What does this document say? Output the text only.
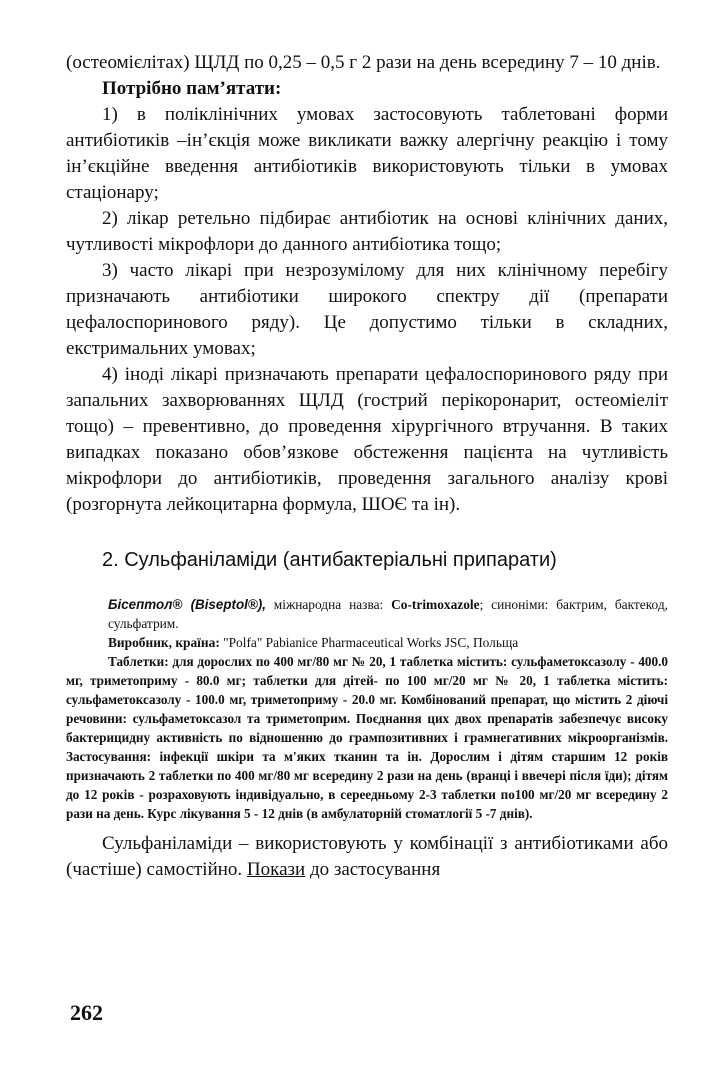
(остеомієлітах) ЩЛД по 0,25 – 0,5 г 2 рази на день всередину 7 – 10 днів.

Потрібно пам’ятати:

1) в поліклінічних умовах застосовують таблетовані форми антибіотиків –ін’єкція може викликати важку алергічну реакцію і тому ін’єкційне введення антибіотиків використовують тільки в умовах стаціонару;

2) лікар ретельно підбирає антибіотик на основі клінічних даних, чутливості мікрофлори до данного антибіотика тощо;

3) часто лікарі при незрозумілому для них клінічному перебігу призначають антибіотики широкого спектру дії (препарати цефалоспоринового ряду). Це допустимо тільки в складних, екстримальних умовах;

4) іноді лікарі призначають препарати цефалоспоринового ряду при запальних захворюваннях ЩЛД (гострий перікоронарит, остеоміеліт тощо) – превентивно, до проведення хірургічного втручання. В таких випадках показано обов’язкове обстеження пацієнта на чутливість мікрофлори до антибіотиків, проведення загального аналізу крові (розгорнута лейкоцитарна формула, ШОЄ та ін).

2. Сульфаніламіди (антибактеріальні припарати)

Бісептол® (Biseptol®), міжнародна назва: Co-trimoxazole; синоніми: бактрим, бактекод, сульфатрим.

Виробник, країна: "Polfa" Pabianice Pharmaceutical Works JSC, Польща

Таблетки: для дорослих по 400 мг/80 мг № 20, 1 таблетка містить: сульфаметоксазолу - 400.0 мг, триметоприму - 80.0 мг; таблетки для дітей- по 100 мг/20 мг № 20, 1 таблетка містить: сульфаметоксазолу - 100.0 мг, триметоприму - 20.0 мг. Комбінований препарат, що містить 2 діючі речовини: сульфаметоксазол та триметоприм. Поєднання цих двох препаратів забезпечує високу бактерицидну активність по відношенню до грампозитивних і грамнегативних мікроорганізмів. Застосування: інфекції шкіри та м'яких тканин та ін. Дорослим і дітям старшим 12 років призначають 2 таблетки по 400 мг/80 мг всередину 2 рази на день (вранці і ввечері після їди); дітям до 12 років - розраховують індивідуально, в сереедньому 2-3 таблетки по100 мг/20 мг всередину 2 рази на день. Курс лікування 5 - 12 днів (в амбулаторній стоматлогії 5 -7 днів).

Сульфаніламіди – використовують у комбінації з антибіотиками або (частіше) самостійно. Покази до застосування

262
